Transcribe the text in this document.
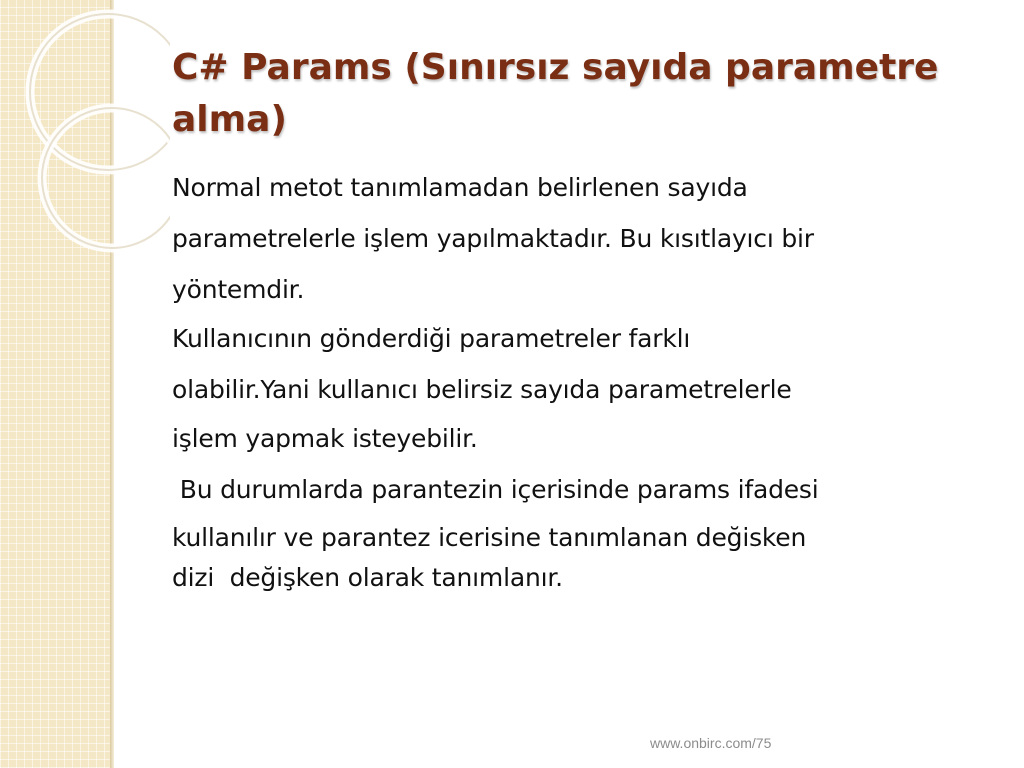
C# Params (Sınırsız sayıda parametre
alma)
Normal metot tanımlamadan belirlenen sayıda
parametrelerle işlem yapılmaktadır. Bu kısıtlayıcı bir
yöntemdir.
Kullanıcının gönderdiği parametreler farklı
olabilir.Yani kullanıcı belirsiz sayıda parametrelerle
işlem yapmak isteyebilir.
Bu durumlarda parantezin içerisinde params ifadesi
kullanılır ve parantez icerisine tanımlanan değisken
dizi  değişken olarak tanımlanır.
www.onbirc.com/75
